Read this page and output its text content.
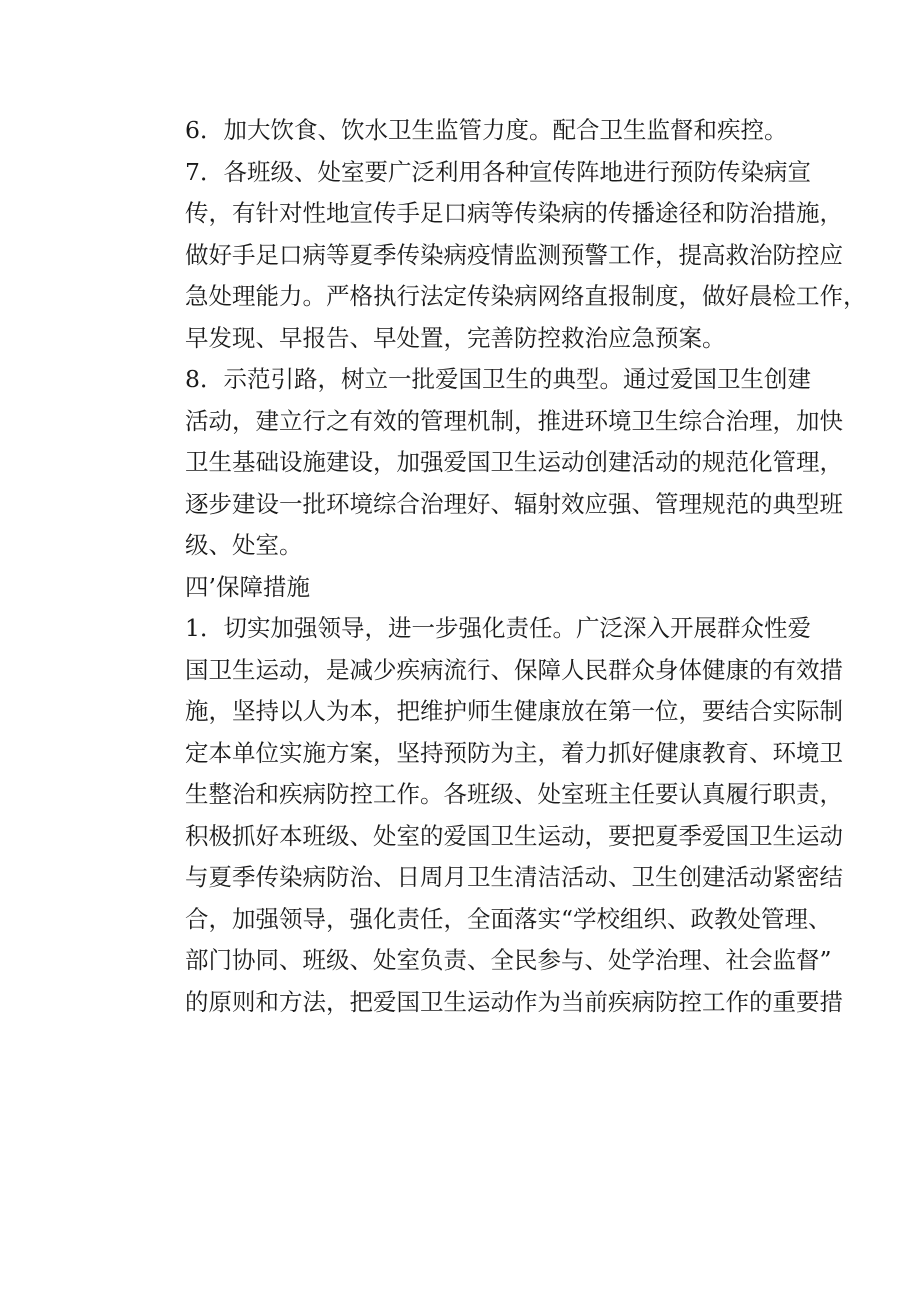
6．加大饮食、饮水卫生监管力度。配合卫生监督和疾控。
7．各班级、处室要广泛利用各种宣传阵地进行预防传染病宣
传，有针对性地宣传手足口病等传染病的传播途径和防治措施，
做好手足口病等夏季传染病疫情监测预警工作，提高救治防控应
急处理能力。严格执行法定传染病网络直报制度，做好晨检工作，
早发现、早报告、早处置，完善防控救治应急预案。
8．示范引路，树立一批爱国卫生的典型。通过爱国卫生创建
活动，建立行之有效的管理机制，推进环境卫生综合治理，加快
卫生基础设施建设，加强爱国卫生运动创建活动的规范化管理，
逐步建设一批环境综合治理好、辐射效应强、管理规范的典型班
级、处室。
四’保障措施
1．切实加强领导，进一步强化责任。广泛深入开展群众性爱
国卫生运动，是减少疾病流行、保障人民群众身体健康的有效措
施，坚持以人为本，把维护师生健康放在第一位，要结合实际制
定本单位实施方案，坚持预防为主，着力抓好健康教育、环境卫
生整治和疾病防控工作。各班级、处室班主任要认真履行职责，
积极抓好本班级、处室的爱国卫生运动，要把夏季爱国卫生运动
与夏季传染病防治、日周月卫生清洁活动、卫生创建活动紧密结
合，加强领导，强化责任，全面落实“学校组织、政教处管理、
部门协同、班级、处室负责、全民参与、处学治理、社会监督”
的原则和方法，把爱国卫生运动作为当前疾病防控工作的重要措
